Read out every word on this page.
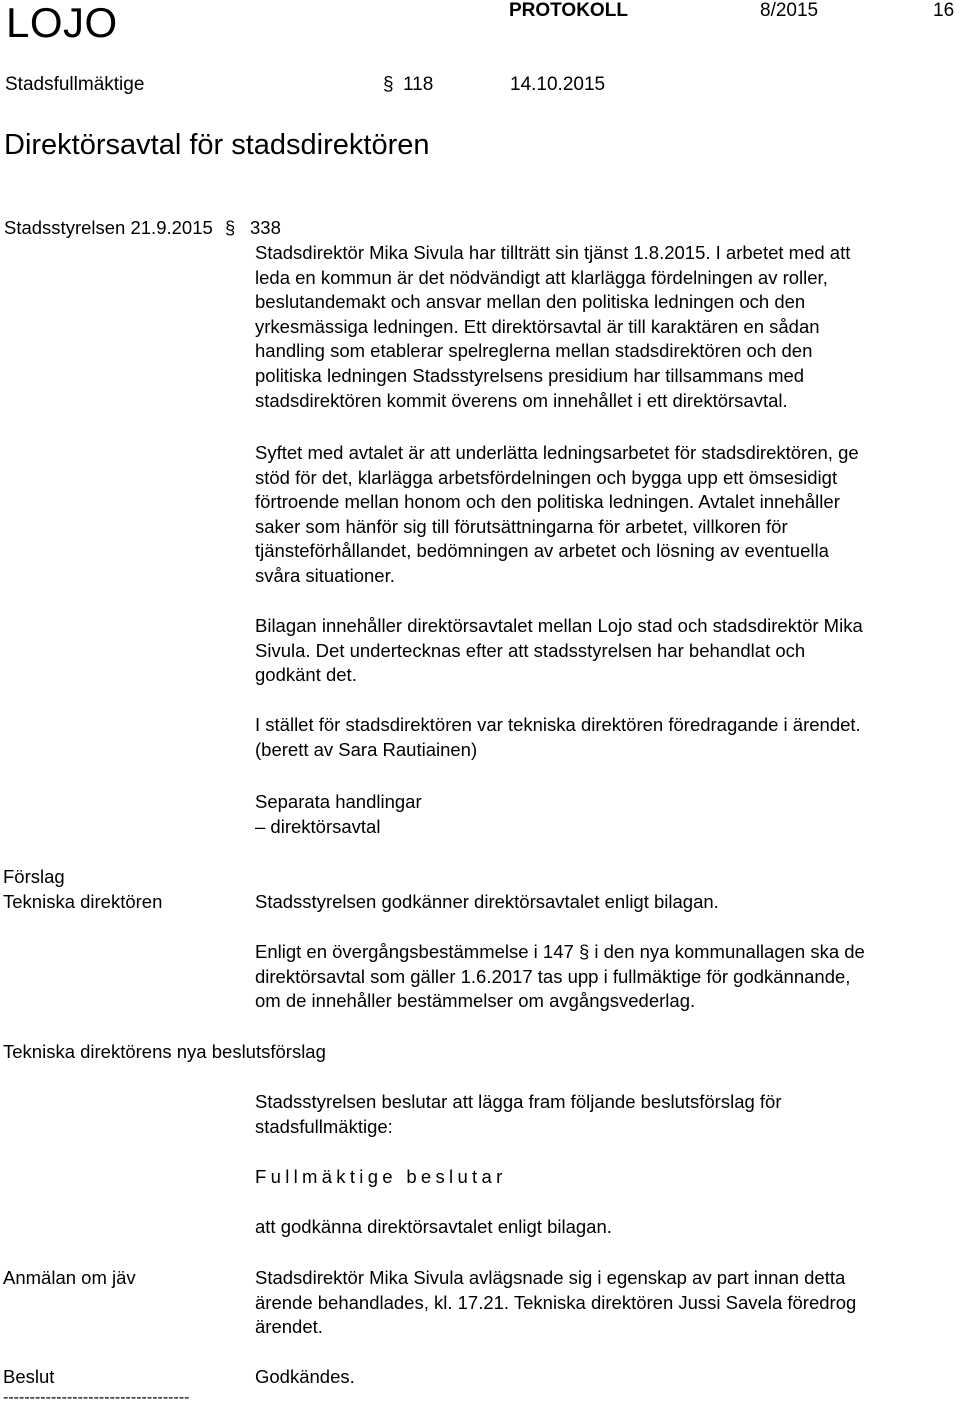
LOJO	PROTOKOLL	8/2015	16
Stadsfullmäktige	§ 118	14.10.2015
Direktörsavtal för stadsdirektören
Stadsstyrelsen 21.9.2015 § 338
Stadsdirektör Mika Sivula har tillträtt sin tjänst 1.8.2015. I arbetet med att
leda en kommun är det nödvändigt att klarlägga fördelningen av roller,
beslutandemakt och ansvar mellan den politiska ledningen och den
yrkesmässiga ledningen. Ett direktörsavtal är till karaktären en sådan
handling som etablerar spelreglerna mellan stadsdirektören och den
politiska ledningen Stadsstyrelsens presidium har tillsammans med
stadsdirektören kommit överens om innehållet i ett direktörsavtal.
Syftet med avtalet är att underlätta ledningsarbetet för stadsdirektören, ge
stöd för det, klarlägga arbetsfördelningen och bygga upp ett ömsesidigt
förtroende mellan honom och den politiska ledningen. Avtalet innehåller
saker som hänför sig till förutsättningarna för arbetet, villkoren för
tjänsteförhållandet, bedömningen av arbetet och lösning av eventuella
svåra situationer.
Bilagan innehåller direktörsavtalet mellan Lojo stad och stadsdirektör Mika
Sivula. Det undertecknas efter att stadsstyrelsen har behandlat och
godkänt det.
I stället för stadsdirektören var tekniska direktören föredragande i ärendet.
(berett av Sara Rautiainen)
Separata handlingar
– direktörsavtal
Förslag
Tekniska direktören	Stadsstyrelsen godkänner direktörsavtalet enligt bilagan.
Enligt en övergångsbestämmelse i 147 § i den nya kommunallagen ska de
direktörsavtal som gäller 1.6.2017 tas upp i fullmäktige för godkännande,
om de innehåller bestämmelser om avgångsvederlag.
Tekniska direktörens nya beslutsförslag
Stadsstyrelsen beslutar att lägga fram följande beslutsförslag för
stadsfullmäktige:
Fullmäktige beslutar
att godkänna direktörsavtalet enligt bilagan.
Anmälan om jäv	Stadsdirektör Mika Sivula avlägsnade sig i egenskap av part innan detta
ärende behandlades, kl. 17.21. Tekniska direktören Jussi Savela föredrog
ärendet.
Beslut	Godkändes.
-----------------------------------
